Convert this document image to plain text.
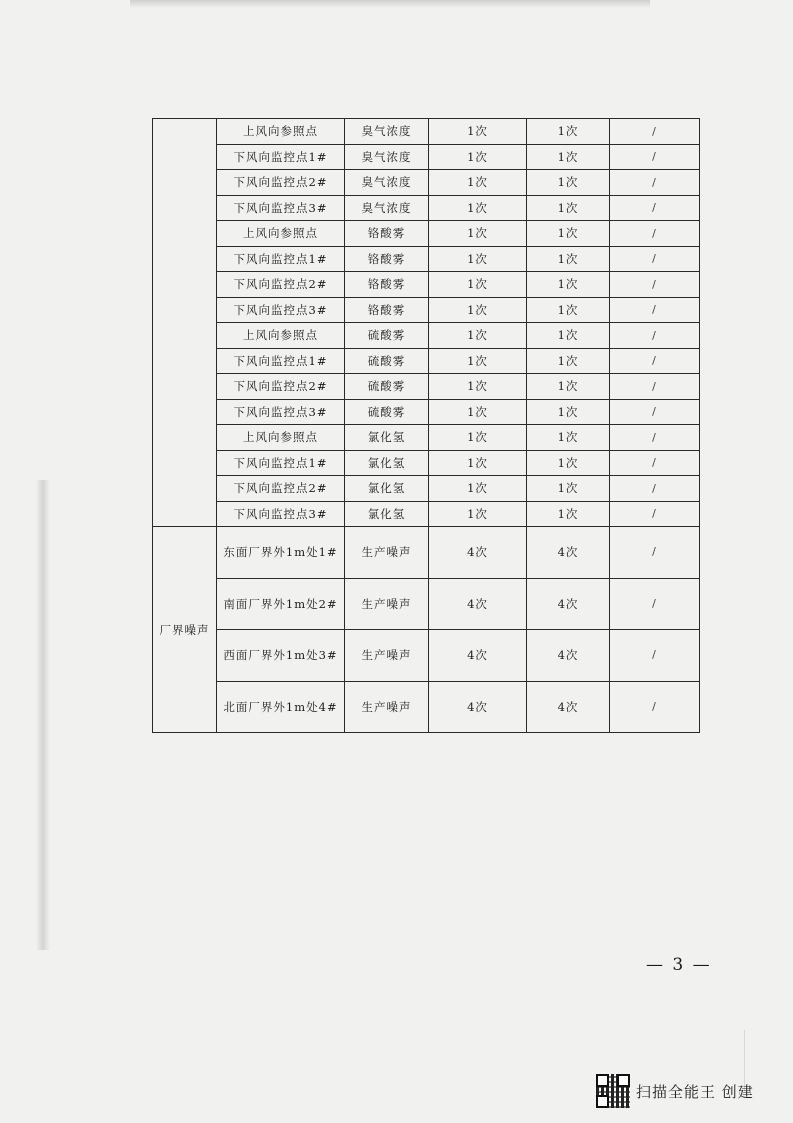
	上风向参照点	臭气浓度	1次	1次	/
	下风向监控点1#	臭气浓度	1次	1次	/
	下风向监控点2#	臭气浓度	1次	1次	/
	下风向监控点3#	臭气浓度	1次	1次	/
	上风向参照点	铬酸雾	1次	1次	/
	下风向监控点1#	铬酸雾	1次	1次	/
	下风向监控点2#	铬酸雾	1次	1次	/
	下风向监控点3#	铬酸雾	1次	1次	/
	上风向参照点	硫酸雾	1次	1次	/
	下风向监控点1#	硫酸雾	1次	1次	/
	下风向监控点2#	硫酸雾	1次	1次	/
	下风向监控点3#	硫酸雾	1次	1次	/
	上风向参照点	氯化氢	1次	1次	/
	下风向监控点1#	氯化氢	1次	1次	/
	下风向监控点2#	氯化氢	1次	1次	/
	下风向监控点3#	氯化氢	1次	1次	/
厂界噪声	东面厂界外1m处1#	生产噪声	4次	4次	/
	南面厂界外1m处2#	生产噪声	4次	4次	/
	西面厂界外1m处3#	生产噪声	4次	4次	/
	北面厂界外1m处4#	生产噪声	4次	4次	/
— 3 —
扫描全能王 创建
